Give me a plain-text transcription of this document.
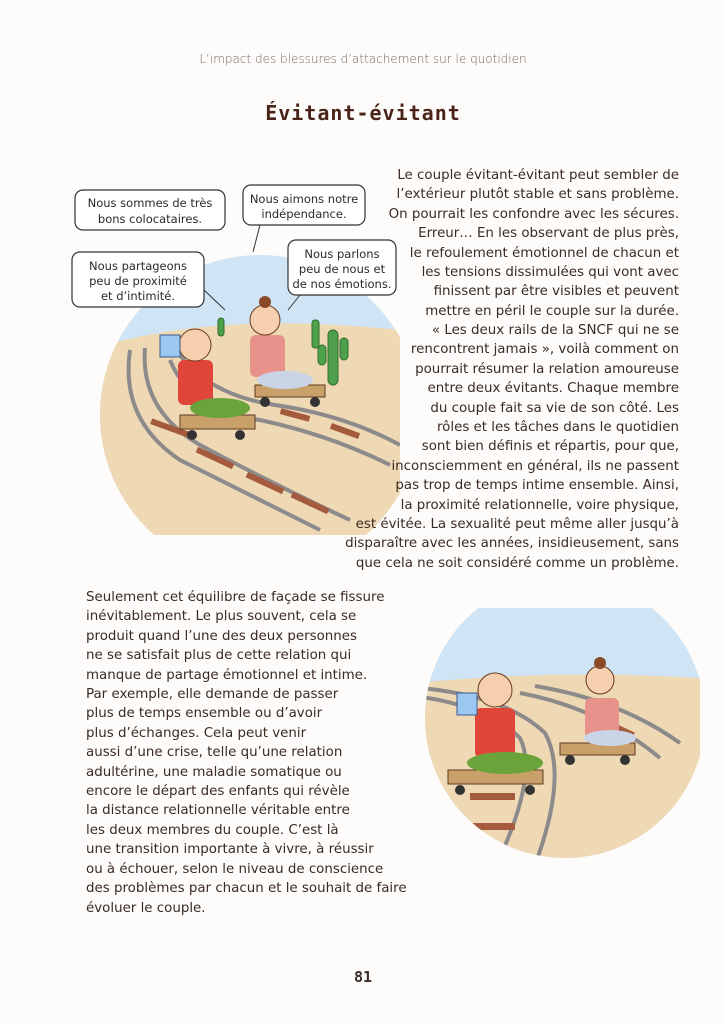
L’impact des blessures d’attachement sur le quotidien
Évitant-évitant
Nous sommes de très
bons colocataires.
Nous aimons notre
indépendance.
Nous partageons
peu de proximité
et d’intimité.
Nous parlons
peu de nous et
de nos émotions.
Le couple évitant-évitant peut sembler de
l’extérieur plutôt stable et sans problème.
On pourrait les confondre avec les sécures.
Erreur… En les observant de plus près,
le refoulement émotionnel de chacun et
les tensions dissimulées qui vont avec
finissent par être visibles et peuvent
mettre en péril le couple sur la durée.
« Les deux rails de la SNCF qui ne se
rencontrent jamais », voilà comment on
pourrait résumer la relation amoureuse
entre deux évitants. Chaque membre
du couple fait sa vie de son côté. Les
rôles et les tâches dans le quotidien
sont bien définis et répartis, pour que,
inconsciemment en général, ils ne passent
pas trop de temps intime ensemble. Ainsi,
la proximité relationnelle, voire physique,
est évitée. La sexualité peut même aller jusqu’à
disparaître avec les années, insidieusement, sans
que cela ne soit considéré comme un problème.
Seulement cet équilibre de façade se fissure
inévitablement. Le plus souvent, cela se
produit quand l’une des deux personnes
ne se satisfait plus de cette relation qui
manque de partage émotionnel et intime.
Par exemple, elle demande de passer
plus de temps ensemble ou d’avoir
plus d’échanges. Cela peut venir
aussi d’une crise, telle qu’une relation
adultérine, une maladie somatique ou
encore le départ des enfants qui révèle
la distance relationnelle véritable entre
les deux membres du couple. C’est là
une transition importante à vivre, à réussir
ou à échouer, selon le niveau de conscience
des problèmes par chacun et le souhait de faire
évoluer le couple.
81
